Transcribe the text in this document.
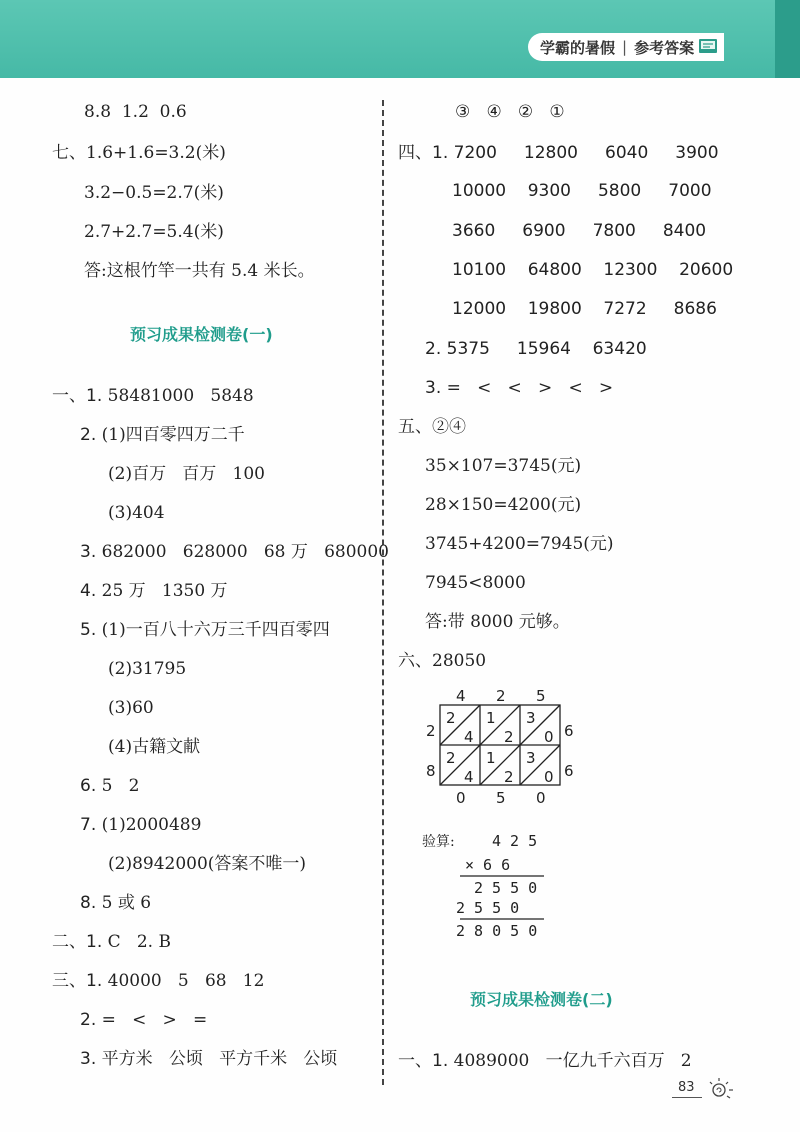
学霸的暑假 | 参考答案
8.8  1.2  0.6
七、1.6+1.6=3.2(米)
3.2−0.5=2.7(米)
2.7+2.7=5.4(米)
答:这根竹竿一共有 5.4 米长。
预习成果检测卷(一)
一、1. 58481000   5848
2. (1)四百零四万二千
(2)百万   百万   100
(3)404
3. 682000   628000   68 万   680000
4. 25 万   1350 万
5. (1)一百八十六万三千四百零四
(2)31795
(3)60
(4)古籍文献
6. 5   2
7. (1)2000489
(2)8942000(答案不唯一)
8. 5 或 6
二、1. C   2. B
三、1. 40000   5   68   12
2. =   <   >   =
3. 平方米   公顷   平方千米   公顷
③   ④   ②   ①
四、1. 7200     12800     6040     3900
10000    9300     5800     7000
3660     6900     7800     8400
10100    64800    12300    20600
12000    19800    7272     8686
2. 5375     15964    63420
3. =   <   <   >   <   >
五、②④
35×107=3745(元)
28×150=4200(元)
3745+4200=7945(元)
7945<8000
答:带 8000 元够。
六、28050
4 2 5
2
8
6
6
0 5 0
2
4
1
2
3
0
2
4
1
2
3
0
验算: 4 2 5
× 6 6
2 5 5 0
2 5 5 0
2 8 0 5 0
预习成果检测卷(二)
一、1. 4089000   一亿九千六百万   2
83
